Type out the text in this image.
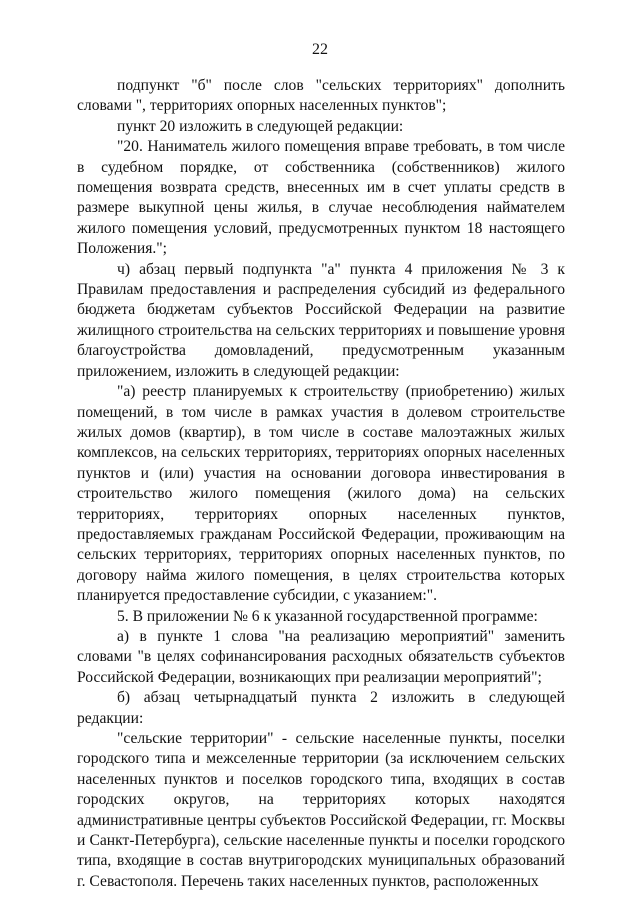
22

подпункт "б" после слов "сельских территориях" дополнить словами ", территориях опорных населенных пунктов";

пункт 20 изложить в следующей редакции:

"20. Наниматель жилого помещения вправе требовать, в том числе в судебном порядке, от собственника (собственников) жилого помещения возврата средств, внесенных им в счет уплаты средств в размере выкупной цены жилья, в случае несоблюдения наймателем жилого помещения условий, предусмотренных пунктом 18 настоящего Положения.";

ч) абзац первый подпункта "а" пункта 4 приложения № 3 к Правилам предоставления и распределения субсидий из федерального бюджета бюджетам субъектов Российской Федерации на развитие жилищного строительства на сельских территориях и повышение уровня благоустройства домовладений, предусмотренным указанным приложением, изложить в следующей редакции:

"а) реестр планируемых к строительству (приобретению) жилых помещений, в том числе в рамках участия в долевом строительстве жилых домов (квартир), в том числе в составе малоэтажных жилых комплексов, на сельских территориях, территориях опорных населенных пунктов и (или) участия на основании договора инвестирования в строительство жилого помещения (жилого дома) на сельских территориях, территориях опорных населенных пунктов, предоставляемых гражданам Российской Федерации, проживающим на сельских территориях, территориях опорных населенных пунктов, по договору найма жилого помещения, в целях строительства которых планируется предоставление субсидии, с указанием:".

5. В приложении № 6 к указанной государственной программе:

а) в пункте 1 слова "на реализацию мероприятий" заменить словами "в целях софинансирования расходных обязательств субъектов Российской Федерации, возникающих при реализации мероприятий";

б) абзац четырнадцатый пункта 2 изложить в следующей редакции:

"сельские территории" - сельские населенные пункты, поселки городского типа и межселенные территории (за исключением сельских населенных пунктов и поселков городского типа, входящих в состав городских округов, на территориях которых находятся административные центры субъектов Российской Федерации, гг. Москвы и Санкт-Петербурга), сельские населенные пункты и поселки городского типа, входящие в состав внутригородских муниципальных образований г. Севастополя. Перечень таких населенных пунктов, расположенных
